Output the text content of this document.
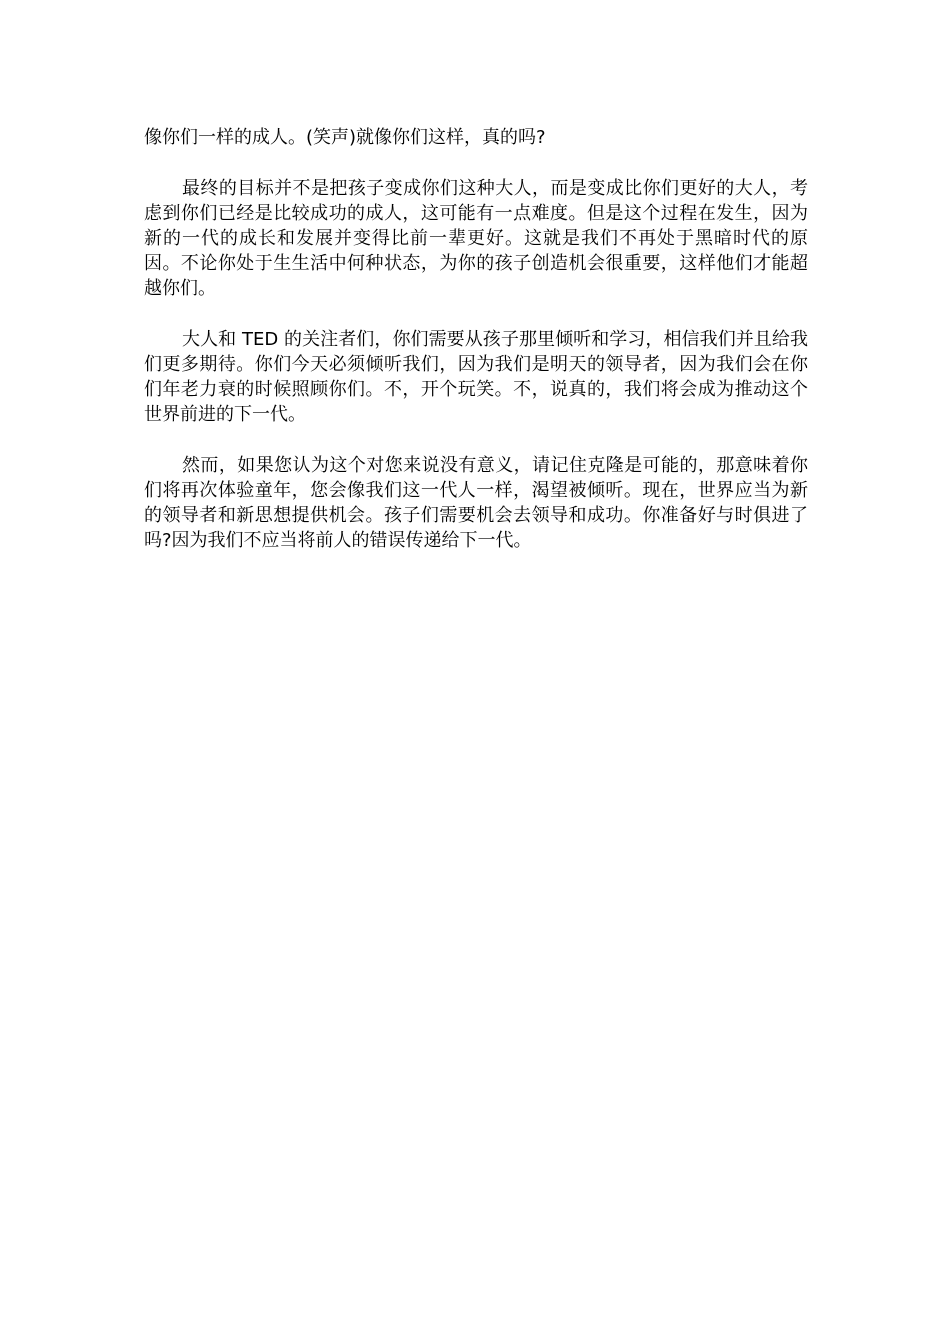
像你们一样的成人。(笑声)就像你们这样，真的吗?

最终的目标并不是把孩子变成你们这种大人，而是变成比你们更好的大人，考虑到你们已经是比较成功的成人，这可能有一点难度。但是这个过程在发生，因为新的一代的成长和发展并变得比前一辈更好。这就是我们不再处于黑暗时代的原因。不论你处于生生活中何种状态，为你的孩子创造机会很重要，这样他们才能超越你们。

大人和 TED 的关注者们，你们需要从孩子那里倾听和学习，相信我们并且给我们更多期待。你们今天必须倾听我们，因为我们是明天的领导者，因为我们会在你们年老力衰的时候照顾你们。不，开个玩笑。不，说真的，我们将会成为推动这个世界前进的下一代。

然而，如果您认为这个对您来说没有意义，请记住克隆是可能的，那意味着你们将再次体验童年，您会像我们这一代人一样，渴望被倾听。现在，世界应当为新的领导者和新思想提供机会。孩子们需要机会去领导和成功。你准备好与时俱进了吗?因为我们不应当将前人的错误传递给下一代。
